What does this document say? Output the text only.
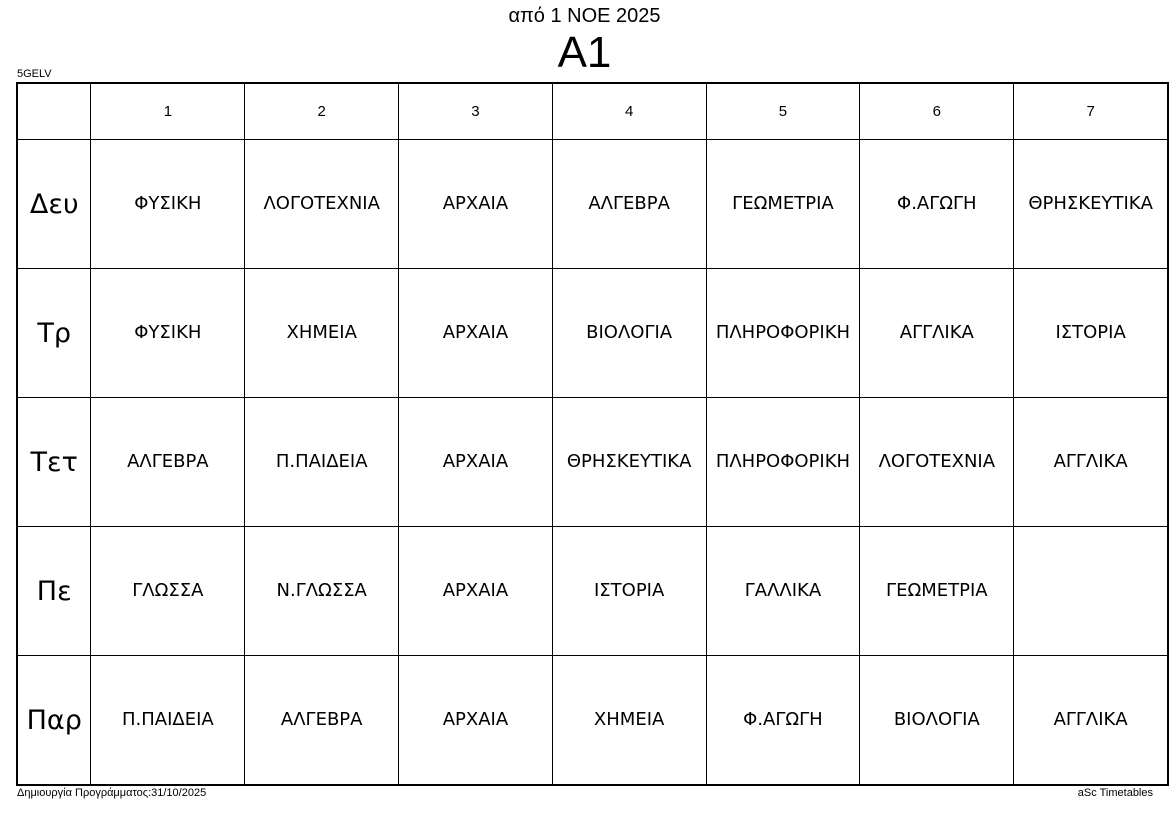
από 1 ΝΟΕ 2025
Α1
5GELV
	1	2	3	4	5	6	7
Δευ	ΦΥΣΙΚΗ	ΛΟΓΟΤΕΧΝΙΑ	ΑΡΧΑΙΑ	ΑΛΓΕΒΡΑ	ΓΕΩΜΕΤΡΙΑ	Φ.ΑΓΩΓΗ	ΘΡΗΣΚΕΥΤΙΚΑ
Τρ	ΦΥΣΙΚΗ	ΧΗΜΕΙΑ	ΑΡΧΑΙΑ	ΒΙΟΛΟΓΙΑ	ΠΛΗΡΟΦΟΡΙΚΗ	ΑΓΓΛΙΚΑ	ΙΣΤΟΡΙΑ
Τετ	ΑΛΓΕΒΡΑ	Π.ΠΑΙΔΕΙΑ	ΑΡΧΑΙΑ	ΘΡΗΣΚΕΥΤΙΚΑ	ΠΛΗΡΟΦΟΡΙΚΗ	ΛΟΓΟΤΕΧΝΙΑ	ΑΓΓΛΙΚΑ
Πε	ΓΛΩΣΣΑ	Ν.ΓΛΩΣΣΑ	ΑΡΧΑΙΑ	ΙΣΤΟΡΙΑ	ΓΑΛΛΙΚΑ	ΓΕΩΜΕΤΡΙΑ	
Παρ	Π.ΠΑΙΔΕΙΑ	ΑΛΓΕΒΡΑ	ΑΡΧΑΙΑ	ΧΗΜΕΙΑ	Φ.ΑΓΩΓΗ	ΒΙΟΛΟΓΙΑ	ΑΓΓΛΙΚΑ
Δημιουργία Προγράμματος:31/10/2025	aSc Timetables
